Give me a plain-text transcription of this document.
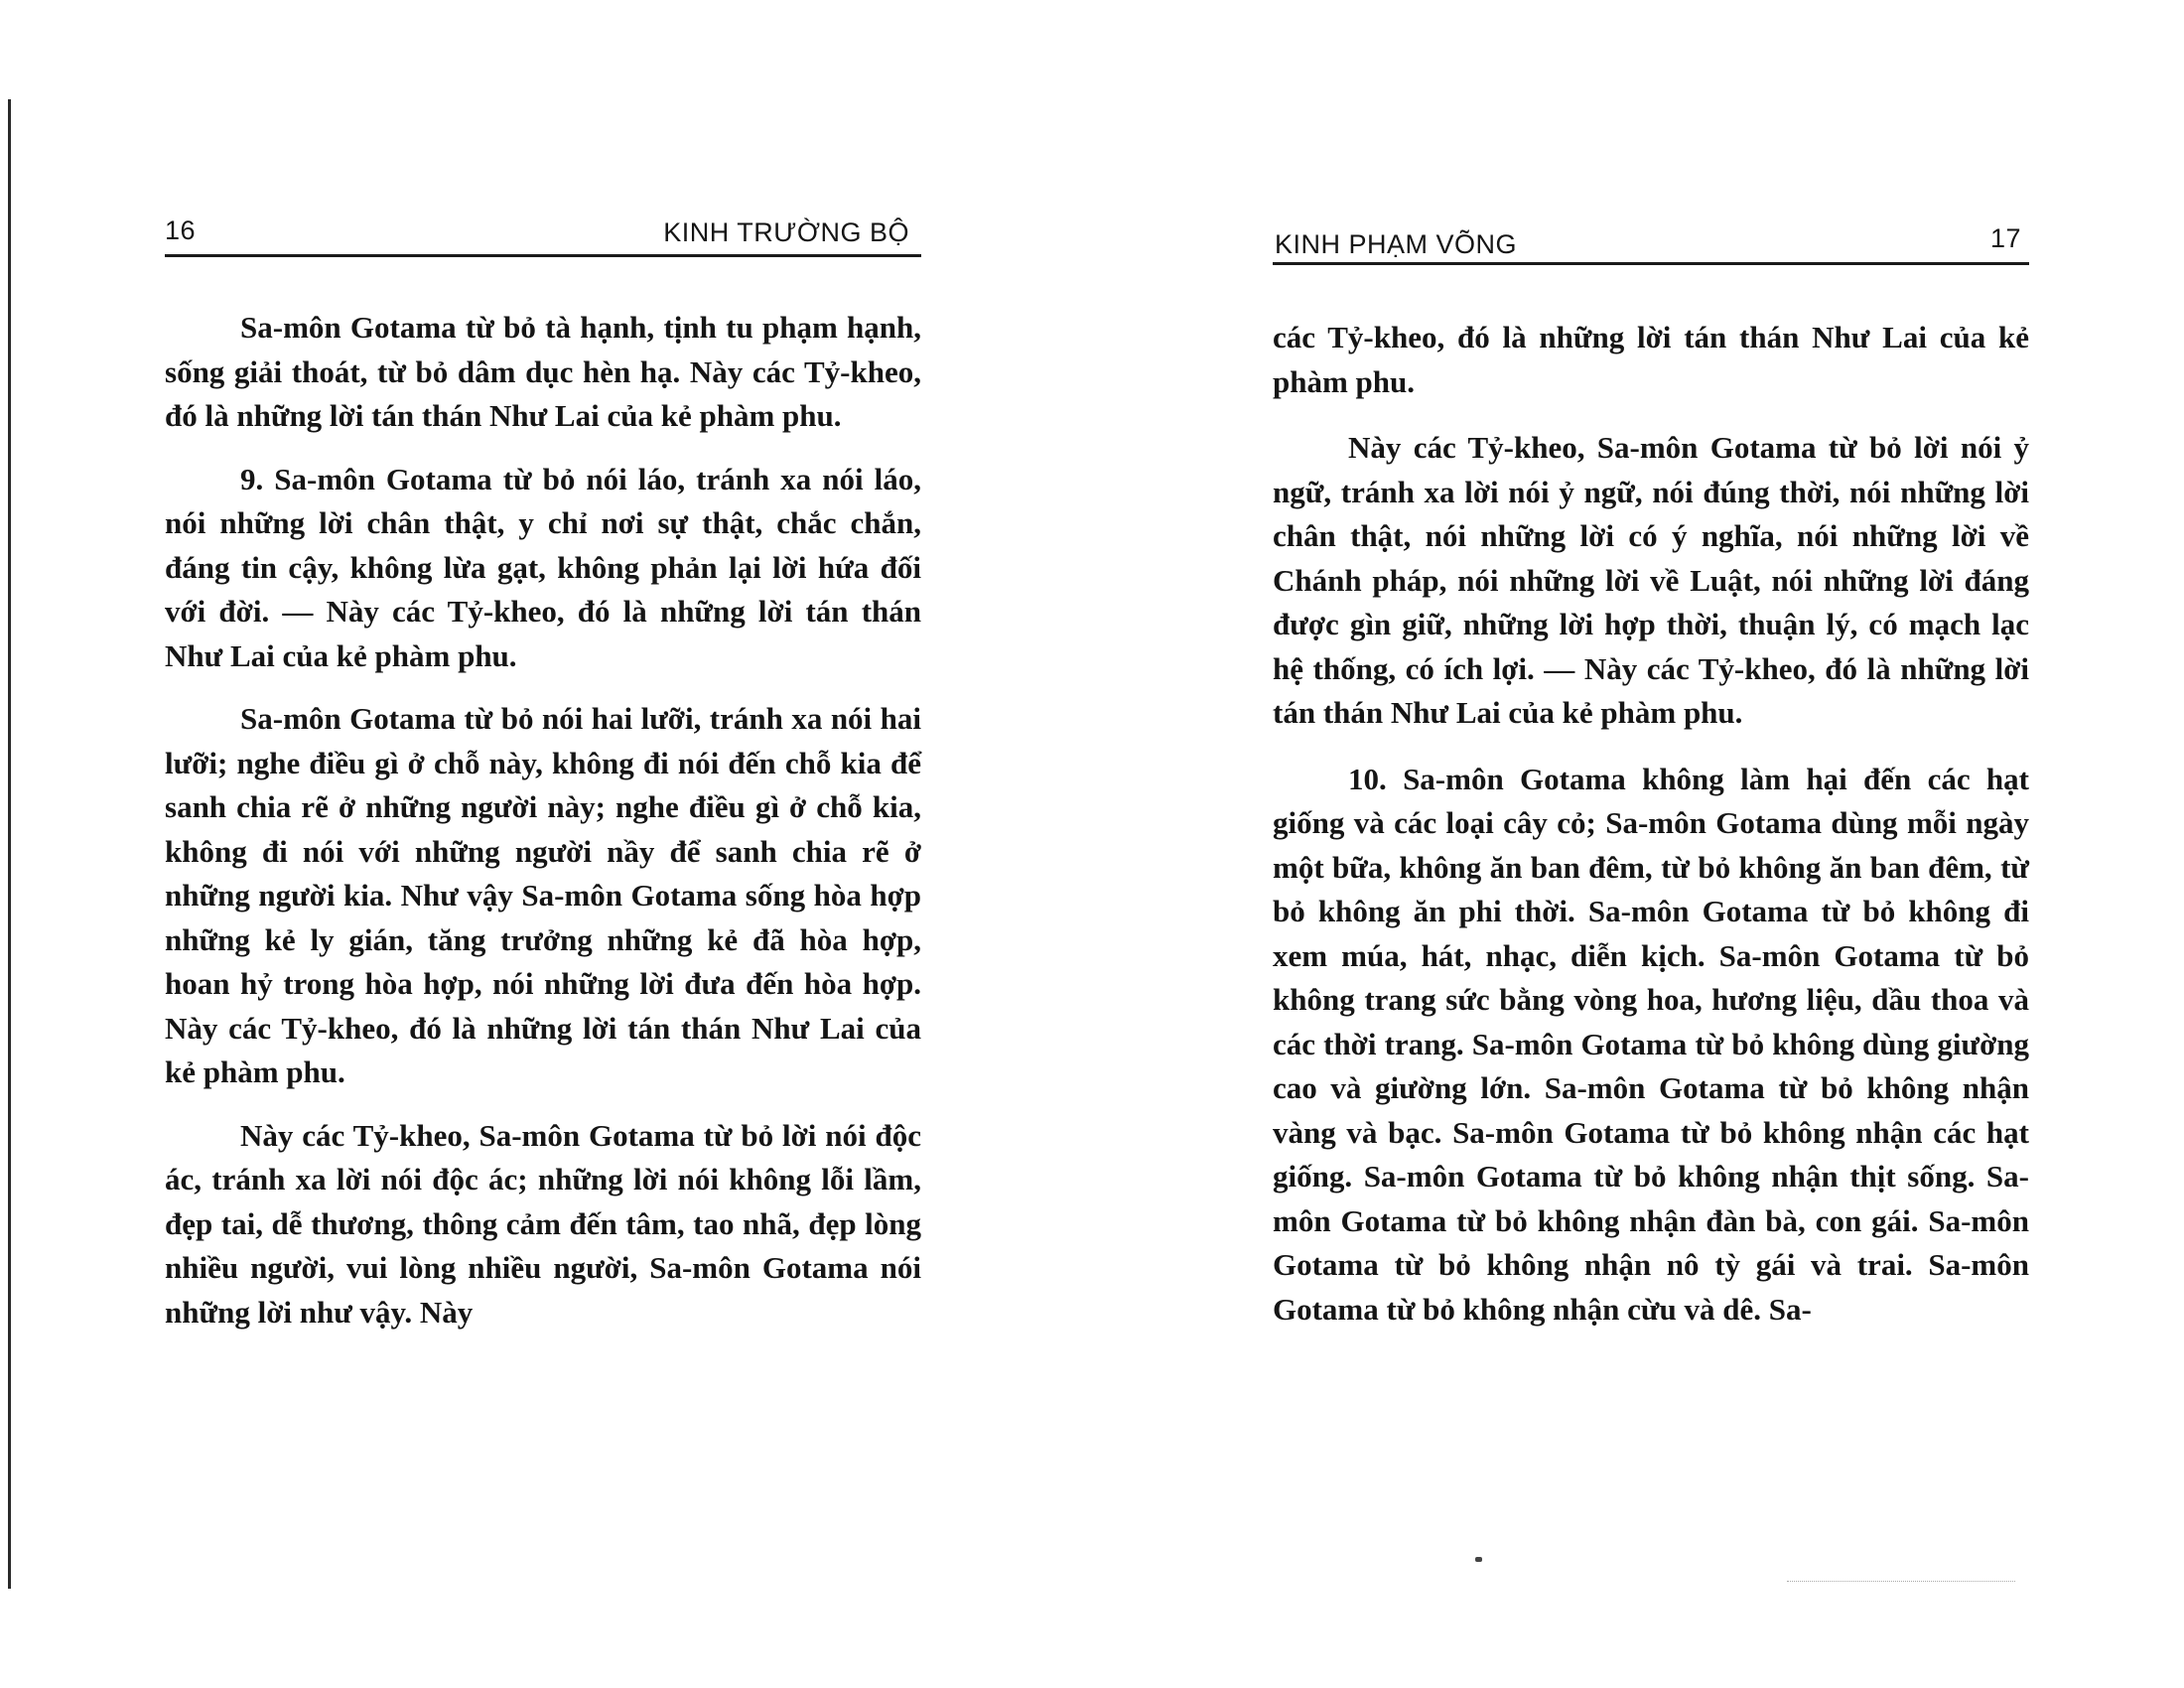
16	KINH TRƯỜNG BỘ

Sa-môn Gotama từ bỏ tà hạnh, tịnh tu phạm hạnh, sống giải thoát, từ bỏ dâm dục hèn hạ. Này các Tỷ-kheo, đó là những lời tán thán Như Lai của kẻ phàm phu.

9. Sa-môn Gotama từ bỏ nói láo, tránh xa nói láo, nói những lời chân thật, y chỉ nơi sự thật, chắc chắn, đáng tin cậy, không lừa gạt, không phản lại lời hứa đối với đời. — Này các Tỷ-kheo, đó là những lời tán thán Như Lai của kẻ phàm phu.

Sa-môn Gotama từ bỏ nói hai lưỡi, tránh xa nói hai lưỡi; nghe điều gì ở chỗ này, không đi nói đến chỗ kia để sanh chia rẽ ở những người này; nghe điều gì ở chỗ kia, không đi nói với những người nầy để sanh chia rẽ ở những người kia. Như vậy Sa-môn Gotama sống hòa hợp những kẻ ly gián, tăng trưởng những kẻ đã hòa hợp, hoan hỷ trong hòa hợp, nói những lời đưa đến hòa hợp. Này các Tỷ-kheo, đó là những lời tán thán Như Lai của kẻ phàm phu.

Này các Tỷ-kheo, Sa-môn Gotama từ bỏ lời nói độc ác, tránh xa lời nói độc ác; những lời nói không lỗi lầm, đẹp tai, dễ thương, thông cảm đến tâm, tao nhã, đẹp lòng nhiều người, vui lòng nhiều người, Sa-môn Gotama nói những lời như vậy. Này

KINH PHẠM VÕNG	17

các Tỷ-kheo, đó là những lời tán thán Như Lai của kẻ phàm phu.

Này các Tỷ-kheo, Sa-môn Gotama từ bỏ lời nói ỷ ngữ, tránh xa lời nói ỷ ngữ, nói đúng thời, nói những lời chân thật, nói những lời có ý nghĩa, nói những lời về Chánh pháp, nói những lời về Luật, nói những lời đáng được gìn giữ, những lời hợp thời, thuận lý, có mạch lạc hệ thống, có ích lợi. — Này các Tỷ-kheo, đó là những lời tán thán Như Lai của kẻ phàm phu.

10. Sa-môn Gotama không làm hại đến các hạt giống và các loại cây cỏ; Sa-môn Gotama dùng mỗi ngày một bữa, không ăn ban đêm, từ bỏ không ăn ban đêm, từ bỏ không ăn phi thời. Sa-môn Gotama từ bỏ không đi xem múa, hát, nhạc, diễn kịch. Sa-môn Gotama từ bỏ không trang sức bằng vòng hoa, hương liệu, dầu thoa và các thời trang. Sa-môn Gotama từ bỏ không dùng giường cao và giường lớn. Sa-môn Gotama từ bỏ không nhận vàng và bạc. Sa-môn Gotama từ bỏ không nhận các hạt giống. Sa-môn Gotama từ bỏ không nhận thịt sống. Sa-môn Gotama từ bỏ không nhận đàn bà, con gái. Sa-môn Gotama từ bỏ không nhận nô tỳ gái và trai. Sa-môn Gotama từ bỏ không nhận cừu và dê. Sa-
